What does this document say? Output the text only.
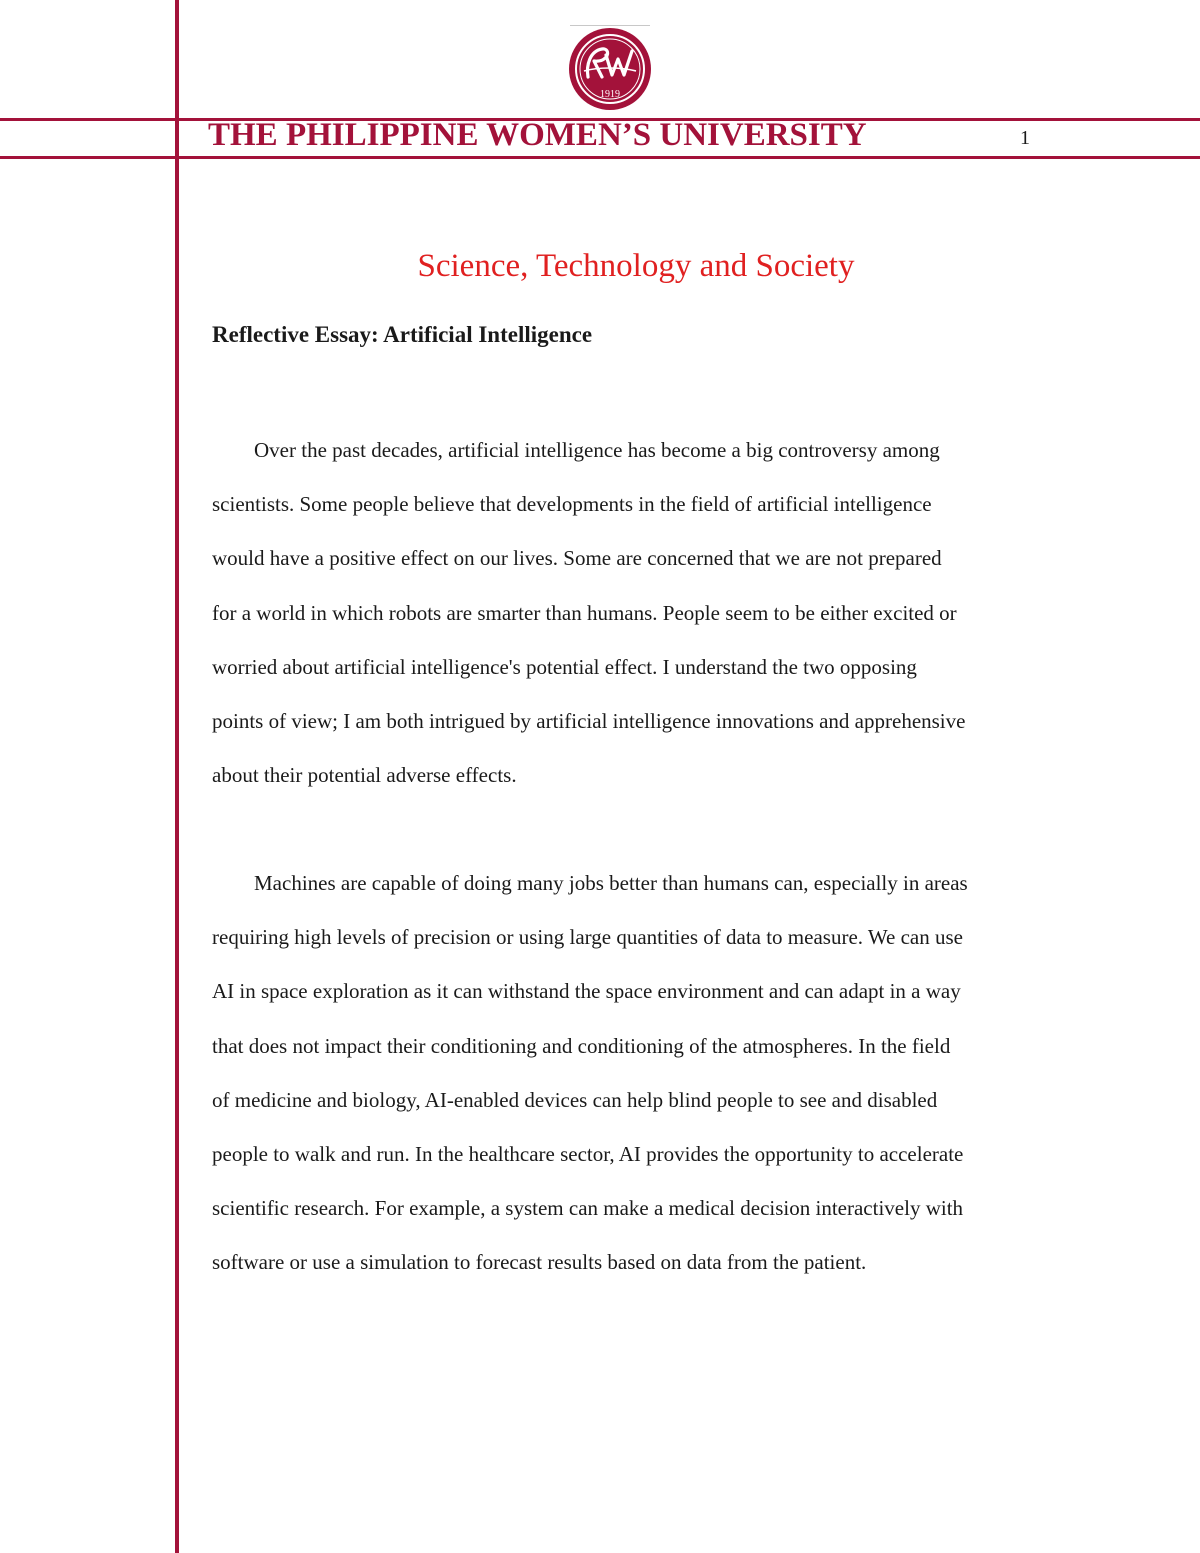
1919
THE PHILIPPINE WOMEN’S UNIVERSITY	1
Science, Technology and Society
Reflective Essay: Artificial Intelligence
Over the past decades, artificial intelligence has become a big controversy among
scientists. Some people believe that developments in the field of artificial intelligence
would have a positive effect on our lives. Some are concerned that we are not prepared
for a world in which robots are smarter than humans. People seem to be either excited or
worried about artificial intelligence's potential effect. I understand the two opposing
points of view; I am both intrigued by artificial intelligence innovations and apprehensive
about their potential adverse effects.
Machines are capable of doing many jobs better than humans can, especially in areas
requiring high levels of precision or using large quantities of data to measure. We can use
AI in space exploration as it can withstand the space environment and can adapt in a way
that does not impact their conditioning and conditioning of the atmospheres. In the field
of medicine and biology, AI-enabled devices can help blind people to see and disabled
people to walk and run. In the healthcare sector, AI provides the opportunity to accelerate
scientific research. For example, a system can make a medical decision interactively with
software or use a simulation to forecast results based on data from the patient.
